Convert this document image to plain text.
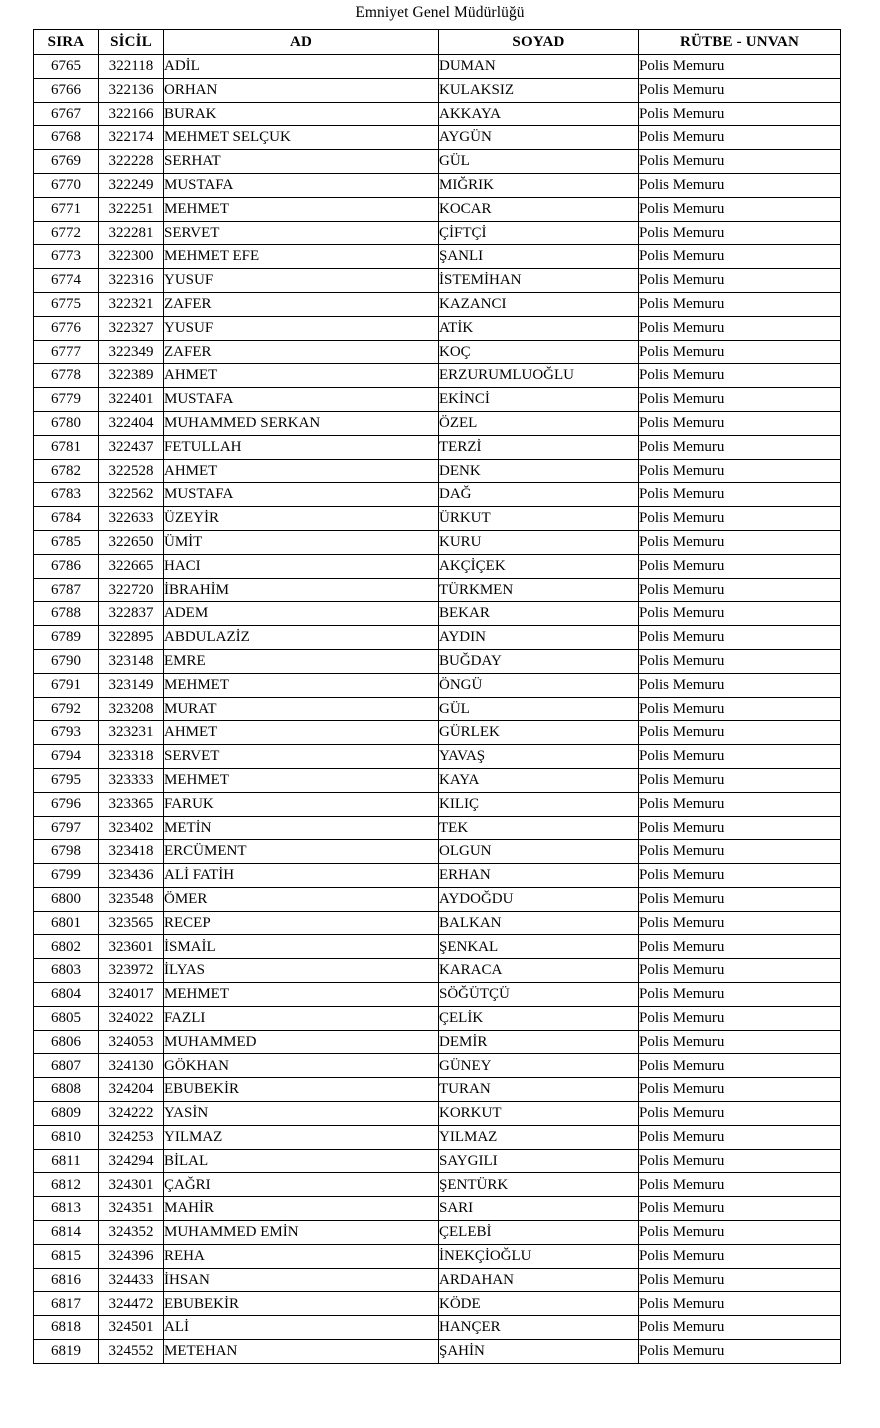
Emniyet Genel Müdürlüğü
SIRA	SİCİL	AD	SOYAD	RÜTBE - UNVAN
6765	322118	ADİL	DUMAN	Polis Memuru
6766	322136	ORHAN	KULAKSIZ	Polis Memuru
6767	322166	BURAK	AKKAYA	Polis Memuru
6768	322174	MEHMET SELÇUK	AYGÜN	Polis Memuru
6769	322228	SERHAT	GÜL	Polis Memuru
6770	322249	MUSTAFA	MIĞRIK	Polis Memuru
6771	322251	MEHMET	KOCAR	Polis Memuru
6772	322281	SERVET	ÇİFTÇİ	Polis Memuru
6773	322300	MEHMET EFE	ŞANLI	Polis Memuru
6774	322316	YUSUF	İSTEMİHAN	Polis Memuru
6775	322321	ZAFER	KAZANCI	Polis Memuru
6776	322327	YUSUF	ATİK	Polis Memuru
6777	322349	ZAFER	KOÇ	Polis Memuru
6778	322389	AHMET	ERZURUMLUOĞLU	Polis Memuru
6779	322401	MUSTAFA	EKİNCİ	Polis Memuru
6780	322404	MUHAMMED SERKAN	ÖZEL	Polis Memuru
6781	322437	FETULLAH	TERZİ	Polis Memuru
6782	322528	AHMET	DENK	Polis Memuru
6783	322562	MUSTAFA	DAĞ	Polis Memuru
6784	322633	ÜZEYİR	ÜRKUT	Polis Memuru
6785	322650	ÜMİT	KURU	Polis Memuru
6786	322665	HACI	AKÇİÇEK	Polis Memuru
6787	322720	İBRAHİM	TÜRKMEN	Polis Memuru
6788	322837	ADEM	BEKAR	Polis Memuru
6789	322895	ABDULAZİZ	AYDIN	Polis Memuru
6790	323148	EMRE	BUĞDAY	Polis Memuru
6791	323149	MEHMET	ÖNGÜ	Polis Memuru
6792	323208	MURAT	GÜL	Polis Memuru
6793	323231	AHMET	GÜRLEK	Polis Memuru
6794	323318	SERVET	YAVAŞ	Polis Memuru
6795	323333	MEHMET	KAYA	Polis Memuru
6796	323365	FARUK	KILIÇ	Polis Memuru
6797	323402	METİN	TEK	Polis Memuru
6798	323418	ERCÜMENT	OLGUN	Polis Memuru
6799	323436	ALİ FATİH	ERHAN	Polis Memuru
6800	323548	ÖMER	AYDOĞDU	Polis Memuru
6801	323565	RECEP	BALKAN	Polis Memuru
6802	323601	İSMAİL	ŞENKAL	Polis Memuru
6803	323972	İLYAS	KARACA	Polis Memuru
6804	324017	MEHMET	SÖĞÜTÇÜ	Polis Memuru
6805	324022	FAZLI	ÇELİK	Polis Memuru
6806	324053	MUHAMMED	DEMİR	Polis Memuru
6807	324130	GÖKHAN	GÜNEY	Polis Memuru
6808	324204	EBUBEKİR	TURAN	Polis Memuru
6809	324222	YASİN	KORKUT	Polis Memuru
6810	324253	YILMAZ	YILMAZ	Polis Memuru
6811	324294	BİLAL	SAYGILI	Polis Memuru
6812	324301	ÇAĞRI	ŞENTÜRK	Polis Memuru
6813	324351	MAHİR	SARI	Polis Memuru
6814	324352	MUHAMMED EMİN	ÇELEBİ	Polis Memuru
6815	324396	REHA	İNEKÇİOĞLU	Polis Memuru
6816	324433	İHSAN	ARDAHAN	Polis Memuru
6817	324472	EBUBEKİR	KÖDE	Polis Memuru
6818	324501	ALİ	HANÇER	Polis Memuru
6819	324552	METEHAN	ŞAHİN	Polis Memuru
